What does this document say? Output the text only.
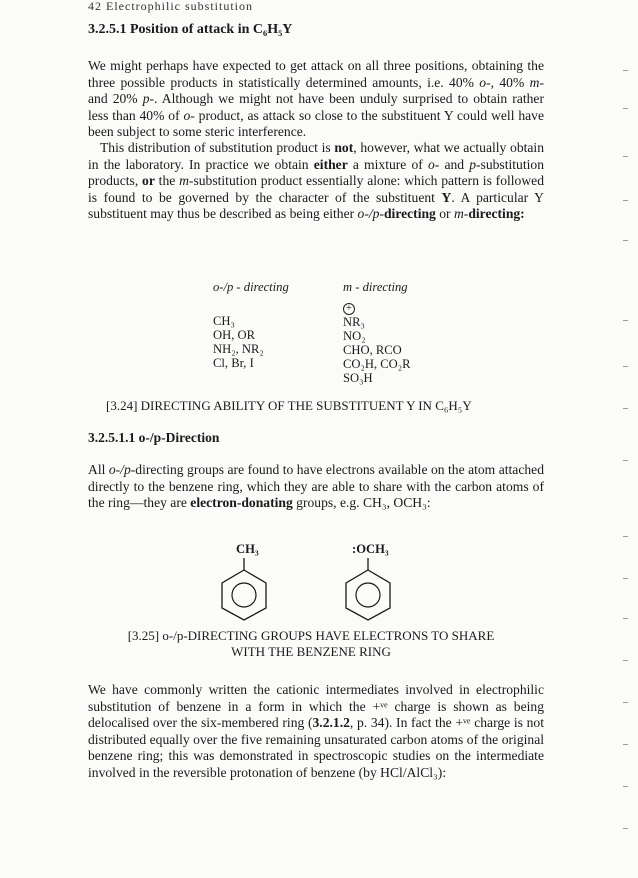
42 Electrophilic substitution
3.2.5.1 Position of attack in C₆H₅Y

We might perhaps have expected to get attack on all three positions, obtaining the three possible products in statistically determined amounts, i.e. 40% o-, 40% m- and 20% p-. Although we might not have been unduly surprised to obtain rather less than 40% of o- product, as attack so close to the substituent Y could well have been subject to some steric interference.

This distribution of substitution product is not, however, what we actually obtain in the laboratory. In practice we obtain either a mixture of o- and p-substitution products, or the m-substitution product essentially alone: which pattern is followed is found to be governed by the character of the substituent Y. A particular Y substituent may thus be described as being either o-/p-directing or m-directing:

o-/p - directing
CH₃
OH, OR
NH₂, NR₂
Cl, Br, I
m - directing
+
NR₃
NO₂
CHO, RCO
CO₂H, CO₂R
SO₃H
[3.24] DIRECTING ABILITY OF THE SUBSTITUENT Y IN C₆H₅Y
3.2.5.1.1 o-/p-Direction

All o-/p-directing groups are found to have electrons available on the atom attached directly to the benzene ring, which they are able to share with the carbon atoms of the ring—they are electron-donating groups, e.g. CH₃, OCH₃:

CH₃	:OCH₃
[3.25] o-/p-DIRECTING GROUPS HAVE ELECTRONS TO SHARE
WITH THE BENZENE RING

We have commonly written the cationic intermediates involved in electrophilic substitution of benzene in a form in which the +ᵛᵉ charge is shown as being delocalised over the six-membered ring (3.2.1.2, p. 34). In fact the +ᵛᵉ charge is not distributed equally over the five remaining unsaturated carbon atoms of the original benzene ring; this was demonstrated in spectroscopic studies on the intermediate involved in the reversible protonation of benzene (by HCl/AlCl₃):
